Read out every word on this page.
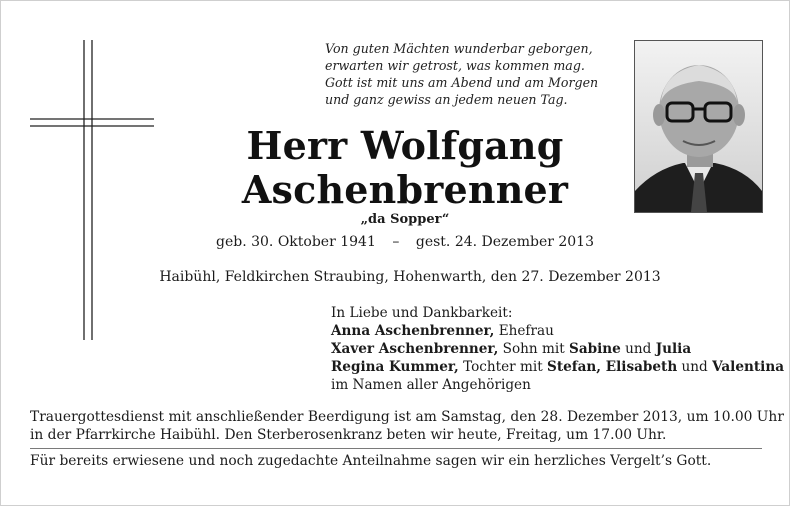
Von guten Mächten wunderbar geborgen,
erwarten wir getrost, was kommen mag.
Gott ist mit uns am Abend und am Morgen
und ganz gewiss an jedem neuen Tag.
Herr Wolfgang
Aschenbrenner
„da Sopper“
geb. 30. Oktober 1941 – gest. 24. Dezember 2013
Haibühl, Feldkirchen Straubing, Hohenwarth, den 27. Dezember 2013
In Liebe und Dankbarkeit:
Anna Aschenbrenner, Ehefrau
Xaver Aschenbrenner, Sohn mit Sabine und Julia
Regina Kummer, Tochter mit Stefan, Elisabeth und Valentina
im Namen aller Angehörigen
Trauergottesdienst mit anschließender Beerdigung ist am Samstag, den 28. Dezember 2013, um 10.00 Uhr
in der Pfarrkirche Haibühl. Den Sterberosenkranz beten wir heute, Freitag, um 17.00 Uhr.
Für bereits erwiesene und noch zugedachte Anteilnahme sagen wir ein herzliches Vergelt’s Gott.
